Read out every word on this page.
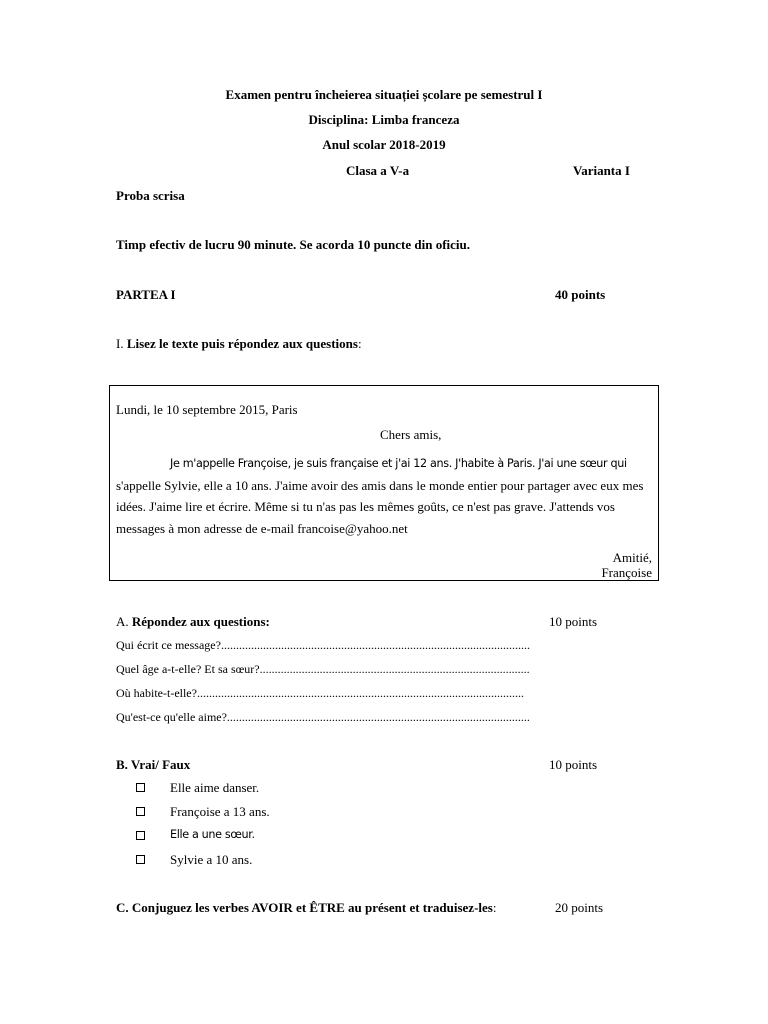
Examen pentru încheierea situației școlare pe semestrul I
Disciplina: Limba franceza
Anul scolar 2018-2019
Clasa a V-a	Varianta I
Proba scrisa
Timp efectiv de lucru 90 minute. Se acorda 10 puncte din oficiu.
PARTEA I	40 points
I. Lisez le texte puis répondez aux questions:
Lundi, le 10 septembre 2015, Paris
Chers amis,
Je m'appelle Françoise, je suis française et j'ai 12 ans. J'habite à Paris. J'ai une sœur qui
s'appelle Sylvie, elle a 10 ans. J'aime avoir des amis dans le monde entier pour partager avec eux mes
idées. J'aime lire et écrire. Même si tu n'as pas les mêmes goûts, ce n'est pas grave. J'attends vos
messages à mon adresse de e-mail francoise@yahoo.net
Amitié,
Françoise
A. Répondez aux questions:	10 points
Qui écrit ce message?.......................................................................................................
Quel âge a-t-elle? Et sa sœur?..........................................................................................
Où habite-t-elle?.............................................................................................................
Qu'est-ce qu'elle aime?.....................................................................................................
B. Vrai/ Faux	10 points
Elle aime danser.
Françoise a 13 ans.
Elle a une sœur.
Sylvie a 10 ans.
C. Conjuguez les verbes AVOIR et ÊTRE au présent et traduisez-les:	20 points
